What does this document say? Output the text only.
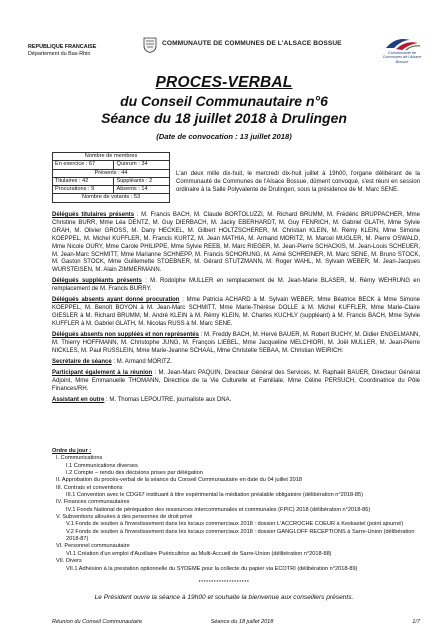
REPUBLIQUE FRANCAISE
Département du Bas-Rhin
COMMUNAUTE DE COMMUNES DE L'ALSACE BOSSUE
Communauté de Communes de l'Alsace Bossue
PROCES-VERBAL
du Conseil Communautaire n°6
Séance du 18 juillet 2018 à Drulingen
(Date de convocation : 13 juillet 2018)
Nombre de membres	
En exercice : 67	Quorum : 34
Présents : 44	
Titulaires : 42	Suppléants : 2
Procurations : 9	Absents : 14
Nombre de votants : 53	
L'an deux mille dix-huit, le mercredi dix-huit juillet à 19h00, l'organe délibérant de la Communauté de Communes de l'Alsace Bossue, dûment convoqué, s'est réuni en session ordinaire à la Salle Polyvalente de Drulingen, sous la présidence de M. Marc SENE.

Délégués titulaires présents : M. Francis BACH, M. Claude BORTOLUZZI, M. Richard BRUMM, M. Frédéric BRUPPACHER, Mme Christine BURR, Mme Léa DENTZ, M. Guy DIERBACH, M. Jacky EBERHARDT, M. Guy FENRICH, M. Gabriel GLATH, Mme Sylvie GRAH, M. Olivier GROSS, M. Dany HECKEL, M. Gilbert HOLTZSCHERER, M. Christian KLEIN, M. Rémy KLEIN, Mme Simone KOEPPEL, M. Michel KUFFLER, M. Francis KURTZ, M. Jean MATHIA, M. Armand MORITZ, M. Marcel MUGLER, M. Pierre OSWALD, Mme Nicole OURY, Mme Carole PHILIPPE, Mme Sylvie REEB, M. Marc RIEGER, M. Jean-Pierre SCHACKIS, M. Jean-Louis SCHEUER, M. Jean-Marc SCHMITT, Mme Marianne SCHNEPP, M. Francis SCHORUNG, M. Aimé SCHREINER, M. Marc SENE, M. Bruno STOCK, M. Gaston STOCK, Mme Guillemette STOEBNER, M. Gérard STUTZMANN, M. Roger WAHL, M. Sylvain WEBER, M. Jean-Jacques WURSTEISEN, M. Alain ZIMMERMANN.

Délégués suppléants présents : M. Rodolphe MULLER en remplacement de M. Jean-Marie BLASER, M. Rémy WEHRUNG en remplacement de M. Francis BURRY.

Délégués absents ayant donné procuration : Mme Patricia ACHARD à M. Sylvain WEBER, Mme Béatrice BECK à Mme Simone KOEPPEL, M. Benoît BOYON à M. Jean-Marc SCHMITT, Mme Marie-Thérèse DOLLE à M. Michel KUFFLER, Mme Marie-Claire GIESLER à M. Richard BRUMM, M. André KLEIN à M. Rémy KLEIN, M. Charles KUCHLY (suppléant) à M. Francis BACH, Mme Sylvie KUFFLER à M. Gabriel GLATH, M. Nicolas RUSS à M. Marc SENE.

Délégués absents non suppléés et non représentés : M. Freddy BACH, M. Hervé BAUER, M. Robert BUCHY, M. Didier ENGELMANN, M. Thierry HOFFMANN, M. Christophe JUNG, M. François LIEBEL, Mme Jacqueline MELCHIORI, M. Joël MULLER, M. Jean-Pierre NICKLES, M. Paul RUSSLEIN, Mme Marie-Jeanne SCHAAL, Mme Christelle SEBAA, M. Christian WEIRICH.

Secrétaire de séance : M. Armand MORITZ.

Participant également à la réunion : M. Jean-Marc PAQUIN, Directeur Général des Services, M. Raphaël BAUER, Directeur Général Adjoint, Mme Emmanuelle THOMANN, Directrice de la Vie Culturelle et Familiale, Mme Céline PERSUCH, Coordinatrice du Pôle Finances/RH.

Assistant en outre : M. Thomas LEPOUTRE, journaliste aux DNA.

Ordre du jour :
I. Communications
I.1 Communications diverses
I.2 Compte – rendu des décisions prises par délégation
II. Approbation du procès-verbal de la séance du Conseil Communautaire en date du 04 juillet 2018
III. Contrats et conventions
III.1 Convention avec le CDG67 instituant à titre expérimental la médiation préalable obligatoire (délibération n°2018-85)
IV. Finances communautaires
IV.1 Fonds National de péréquation des ressources intercommunales et communales (FPIC) 2018 (délibération n°2018-86)
V. Subventions allouées à des personnes de droit privé
V.1 Fonds de soutien à l'investissement dans les locaux commerciaux 2018 : dossier L'ACCROCHE COEUR à Keskastel (point ajourné)
V.2 Fonds de soutien à l'investissement dans les locaux commerciaux 2018 : dossier GANGLOFF RECEPTIONS à Sarre-Union (délibération 2018-87)
VI. Personnel communautaire
VI.1 Création d'un emploi d'Auxiliaire Puéricultrice au Multi-Accueil de Sarre-Union (délibération n°2018-88)
VII. Divers
VII.1 Adhésion à la prestation optionnelle du SYDEME pour la collecte du papier via ECOTRI (délibération n°2018-89)
********************
Le Président ouvre la séance à 19h00 et souhaite la bienvenue aux conseillers présents.
Réunion du Conseil Communautaire	Séance du 18 juillet 2018	1/7
